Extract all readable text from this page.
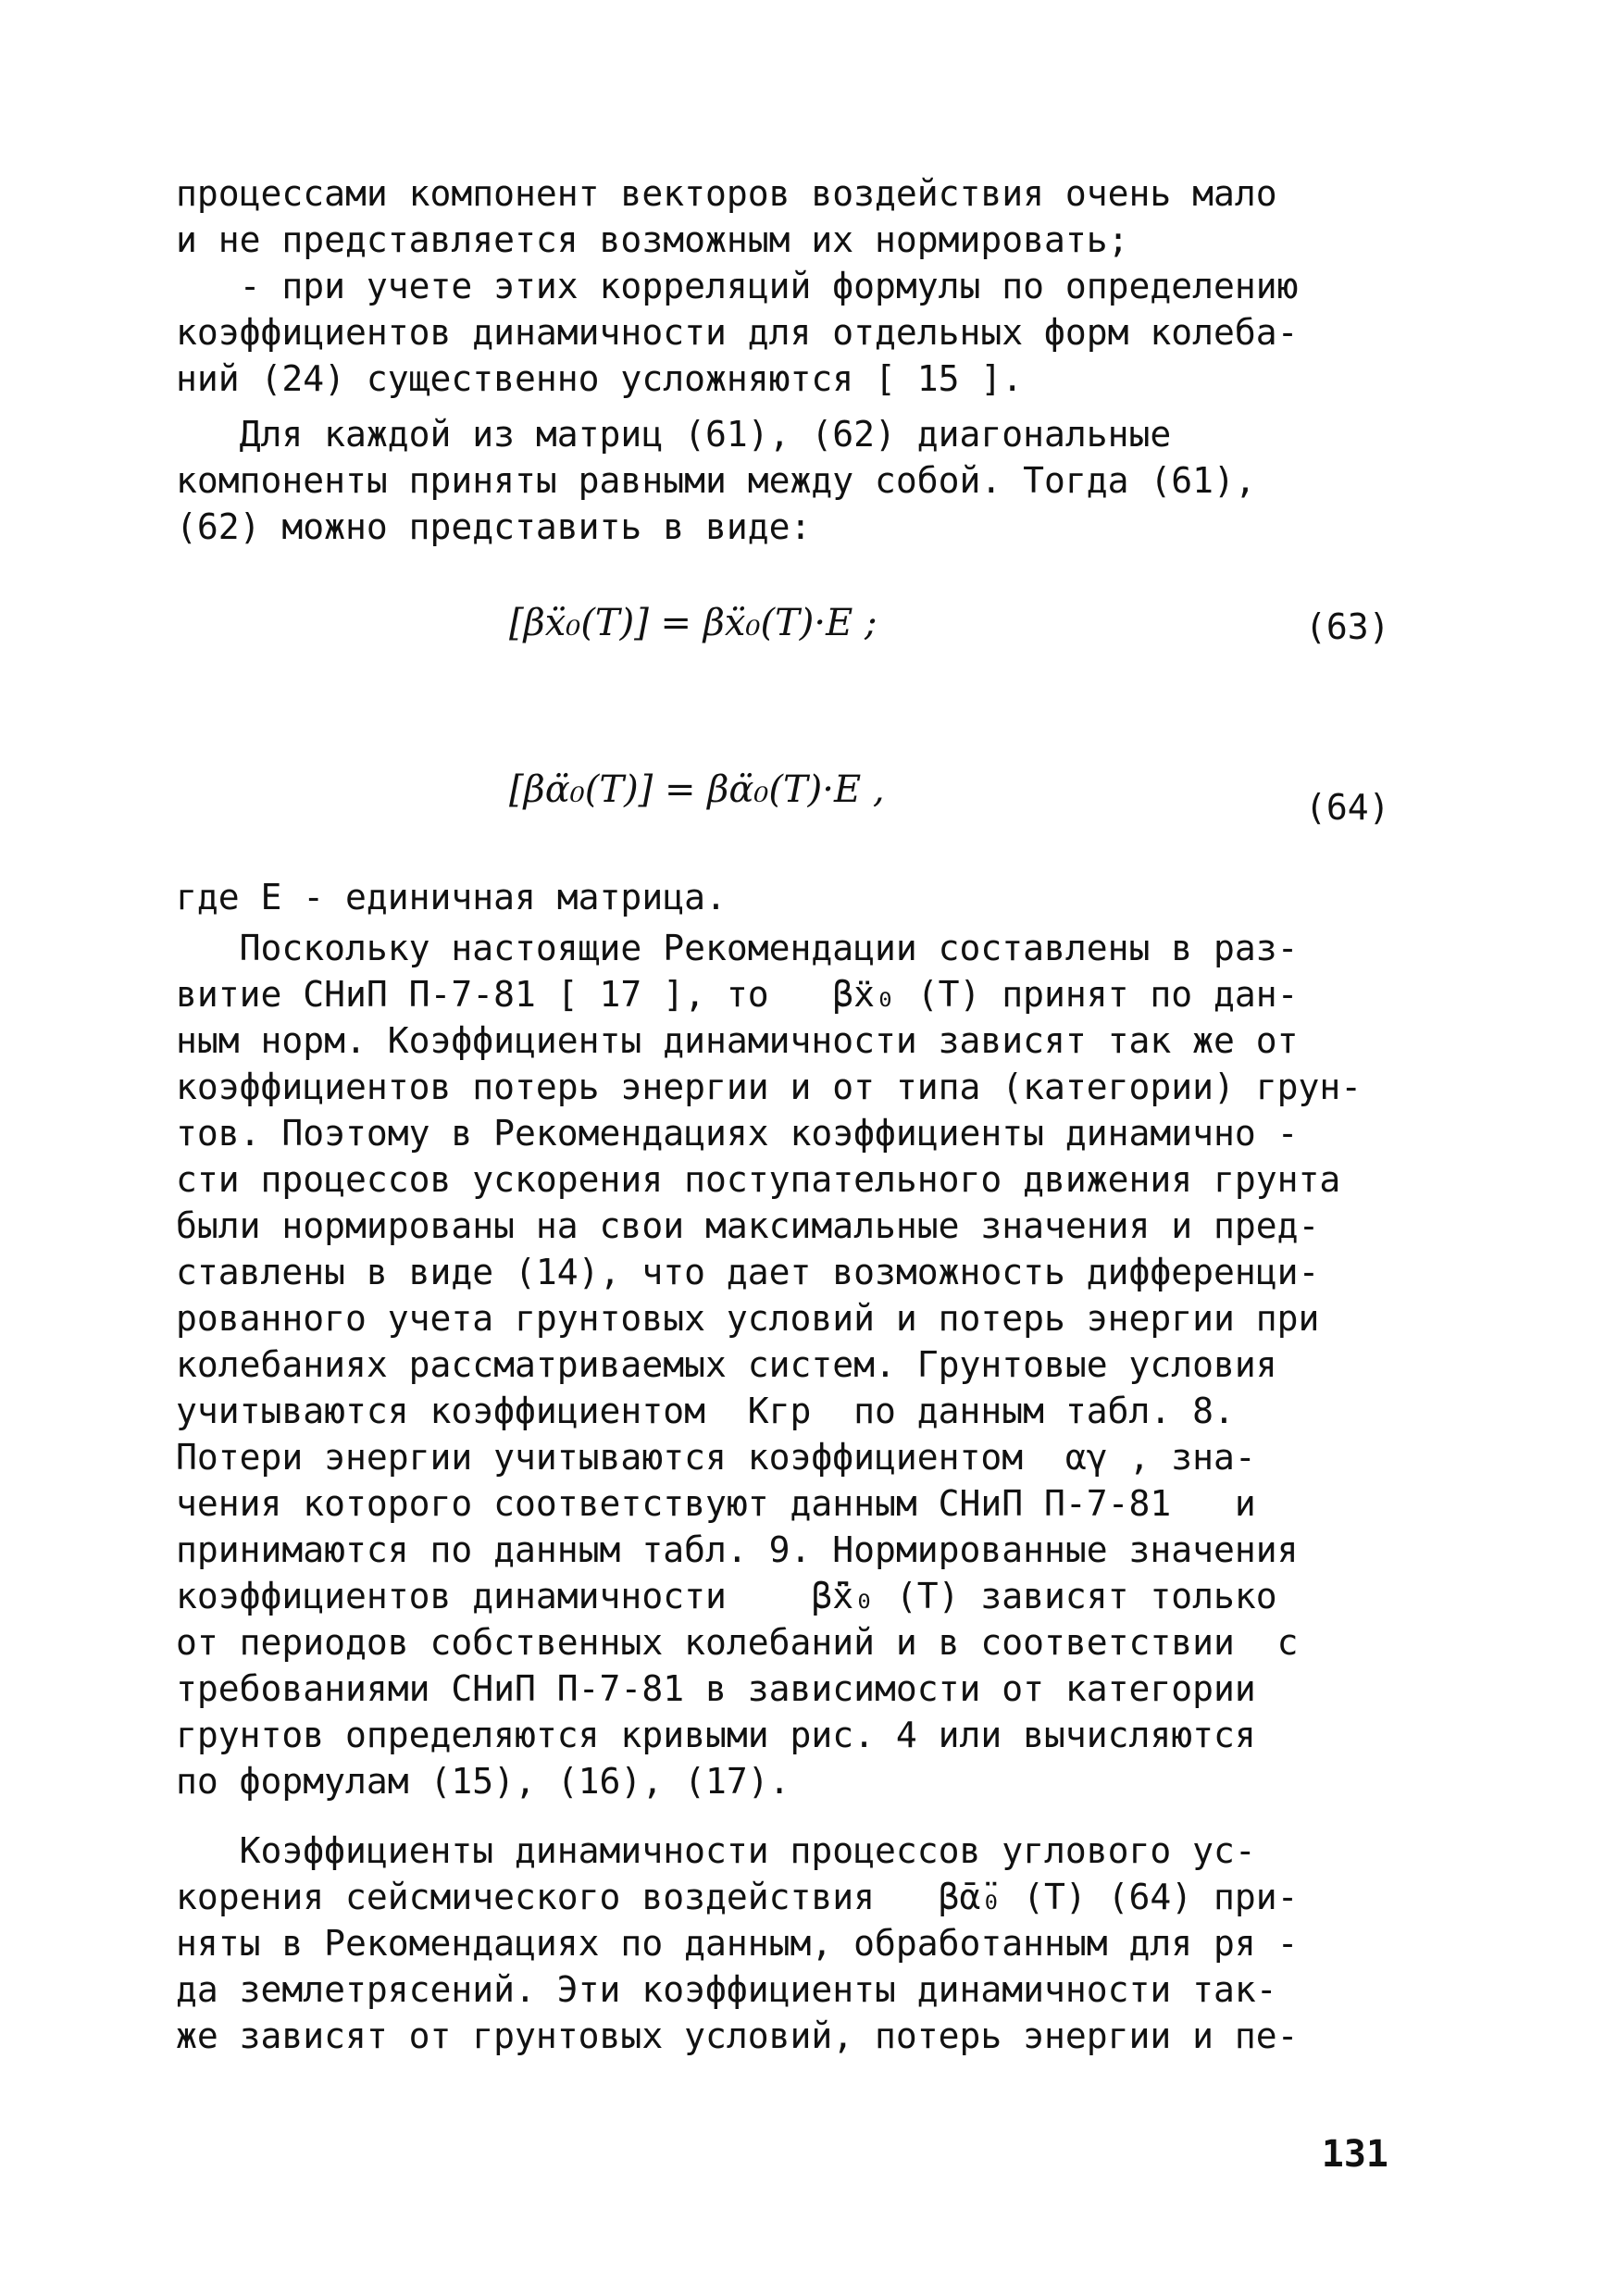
процессами компонент векторов воздействия очень мало
и не представляется возможным их нормировать;
- при учете этих корреляций формулы по определению
коэффициентов динамичности для отдельных форм колеба-
ний (24) существенно усложняются [ 15 ].
Для каждой из матриц (61), (62) диагональные
компоненты приняты равными между собой. Тогда (61),
(62) можно представить в виде:
[βẍ₀(T)] = βẍ₀(T)·E ;	(63)
[βα̈₀(T)] = βα̈₀(T)·E ,	(64)
где Е - единичная матрица.
Поскольку настоящие Рекомендации составлены в раз-
витие СНиП П-7-81 [ 17 ], то   βẍ₀ (Т) принят по дан-
ным норм. Коэффициенты динамичности зависят так же от
коэффициентов потерь энергии и от типа (категории) грун-
тов. Поэтому в Рекомендациях коэффициенты динамично -
сти процессов ускорения поступательного движения грунта
были нормированы на свои максимальные значения и пред-
ставлены в виде (14), что дает возможность дифференци-
рованного учета грунтовых условий и потерь энергии при
колебаниях рассматриваемых систем. Грунтовые условия
учитываются коэффициентом  Кгр  по данным табл. 8.
Потери энергии учитываются коэффициентом  αγ , зна-
чения которого соответствуют данным СНиП П-7-81   и
принимаются по данным табл. 9. Нормированные значения
коэффициентов динамичности    β̄ẍ₀ (Т) зависят только
от периодов собственных колебаний и в соответствии  с
требованиями СНиП П-7-81 в зависимости от категории
грунтов определяются кривыми рис. 4 или вычисляются
по формулам (15), (16), (17).
Коэффициенты динамичности процессов углового ус-
корения сейсмического воздействия   β̄α̈₀ (Т) (64) при-
няты в Рекомендациях по данным, обработанным для ря -
да землетрясений. Эти коэффициенты динамичности так-
же зависят от грунтовых условий, потерь энергии и пе-
131
